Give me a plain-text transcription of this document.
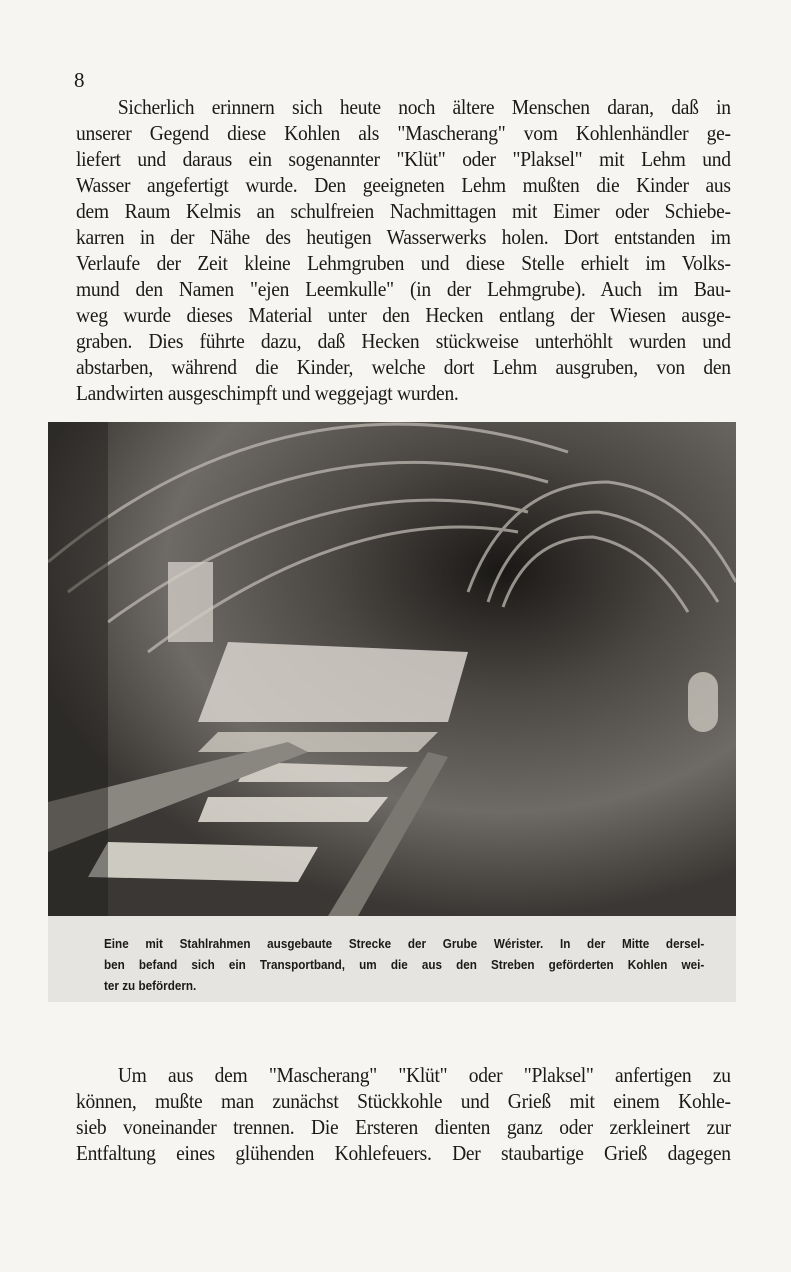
8
Sicherlich erinnern sich heute noch ältere Menschen daran, daß in
unserer Gegend diese Kohlen als "Mascherang" vom Kohlenhändler ge-
liefert und daraus ein sogenannter "Klüt" oder "Plaksel" mit Lehm und
Wasser angefertigt wurde. Den geeigneten Lehm mußten die Kinder aus
dem Raum Kelmis an schulfreien Nachmittagen mit Eimer oder Schiebe-
karren in der Nähe des heutigen Wasserwerks holen. Dort entstanden im
Verlaufe der Zeit kleine Lehmgruben und diese Stelle erhielt im Volks-
mund den Namen "ejen Leemkulle" (in der Lehmgrube). Auch im Bau-
weg wurde dieses Material unter den Hecken entlang der Wiesen ausge-
graben. Dies führte dazu, daß Hecken stückweise unterhöhlt wurden und
abstarben, während die Kinder, welche dort Lehm ausgruben, von den
Landwirten ausgeschimpft und weggejagt wurden.
Eine mit Stahlrahmen ausgebaute Strecke der Grube Wérister. In der Mitte dersel-
ben befand sich ein Transportband, um die aus den Streben geförderten Kohlen wei-
ter zu befördern.
Um aus dem "Mascherang" "Klüt" oder "Plaksel" anfertigen zu
können, mußte man zunächst Stückkohle und Grieß mit einem Kohle-
sieb voneinander trennen. Die Ersteren dienten ganz oder zerkleinert zur
Entfaltung eines glühenden Kohlefeuers. Der staubartige Grieß dagegen
